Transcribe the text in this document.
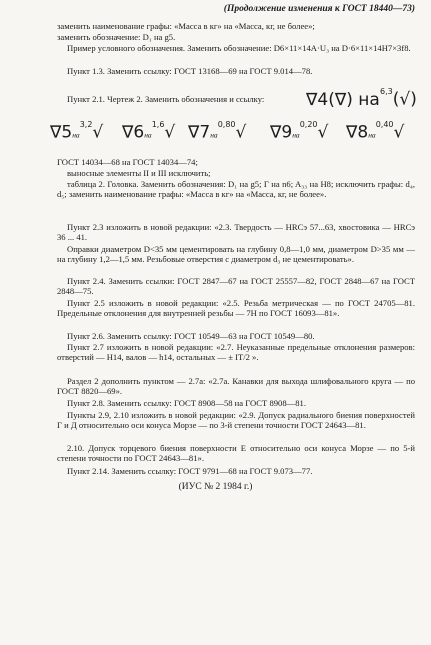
(Продолжение изменения к ГОСТ 18440—73)

заменить наименование графы: «Масса в кг» на «Масса, кг, не более»;

заменить обозначение: D₁ на g5.

Пример условного обозначения. Заменить обозначение: D6×11×14A·U₃ на D·6×11×14H7×3f8.

Пункт 1.3. Заменить ссылку: ГОСТ 13168—69 на ГОСТ 9.014—78.

Пункт 2.1. Чертеж 2. Заменить обозначения и ссылку:	∇4(∇) на $^{6,3}$(√)
∇5на$^{3,2}$√ ∇6на$^{1,6}$√ ∇7на$^{0,80}$√ ∇9на$^{0,20}$√ ∇8на$^{0,40}$√

ГОСТ 14034—68 на ГОСТ 14034—74;

выносные элементы II и III исключить;

таблица 2. Головка. Заменить обозначения: D₁ на g5; Г на n6; A₃₃ на H8; исключить графы: d₄, d₅; заменить наименование графы: «Масса в кг» на «Масса, кг, не более».

Пункт 2.3 изложить в новой редакции: «2.3. Твердость — HRCэ 57...63, хвостовика — HRCэ 36 ... 41.

Оправки диаметром D<35 мм цементировать на глубину 0,8—1,0 мм, диаметром D>35 мм — на глубину 1,2—1,5 мм. Резьбовые отверстия с диаметром d₃ не цементировать».

Пункт 2.4. Заменить ссылки: ГОСТ 2847—67 на ГОСТ 25557—82, ГОСТ 2848—67 на ГОСТ 2848—75.

Пункт 2.5 изложить в новой редакции: «2.5. Резьба метрическая — по ГОСТ 24705—81. Предельные отклонения для внутренней резьбы — 7H по ГОСТ 16093—81».

Пункт 2.6. Заменить ссылку: ГОСТ 10549—63 на ГОСТ 10549—80.

Пункт 2.7 изложить в новой редакции: «2.7. Неуказанные предельные отклонения размеров: отверстий — H14, валов — h14, остальных — ± IT/2 ».

Раздел 2 дополнить пунктом — 2.7а: «2.7а. Канавки для выхода шлифовального круга — по ГОСТ 8820—69».

Пункт 2.8. Заменить ссылку: ГОСТ 8908—58 на ГОСТ 8908—81.

Пункты 2.9, 2.10 изложить в новой редакции: «2.9. Допуск радиального биения поверхностей Г и Д относительно оси конуса Морзе — по 3-й степени точности ГОСТ 24643—81.

2.10. Допуск торцевого биения поверхности E относительно оси конуса Морзе — по 5-й степени точности по ГОСТ 24643—81».

Пункт 2.14. Заменить ссылку: ГОСТ 9791—68 на ГОСТ 9.073—77.

(ИУС № 2 1984 г.)
